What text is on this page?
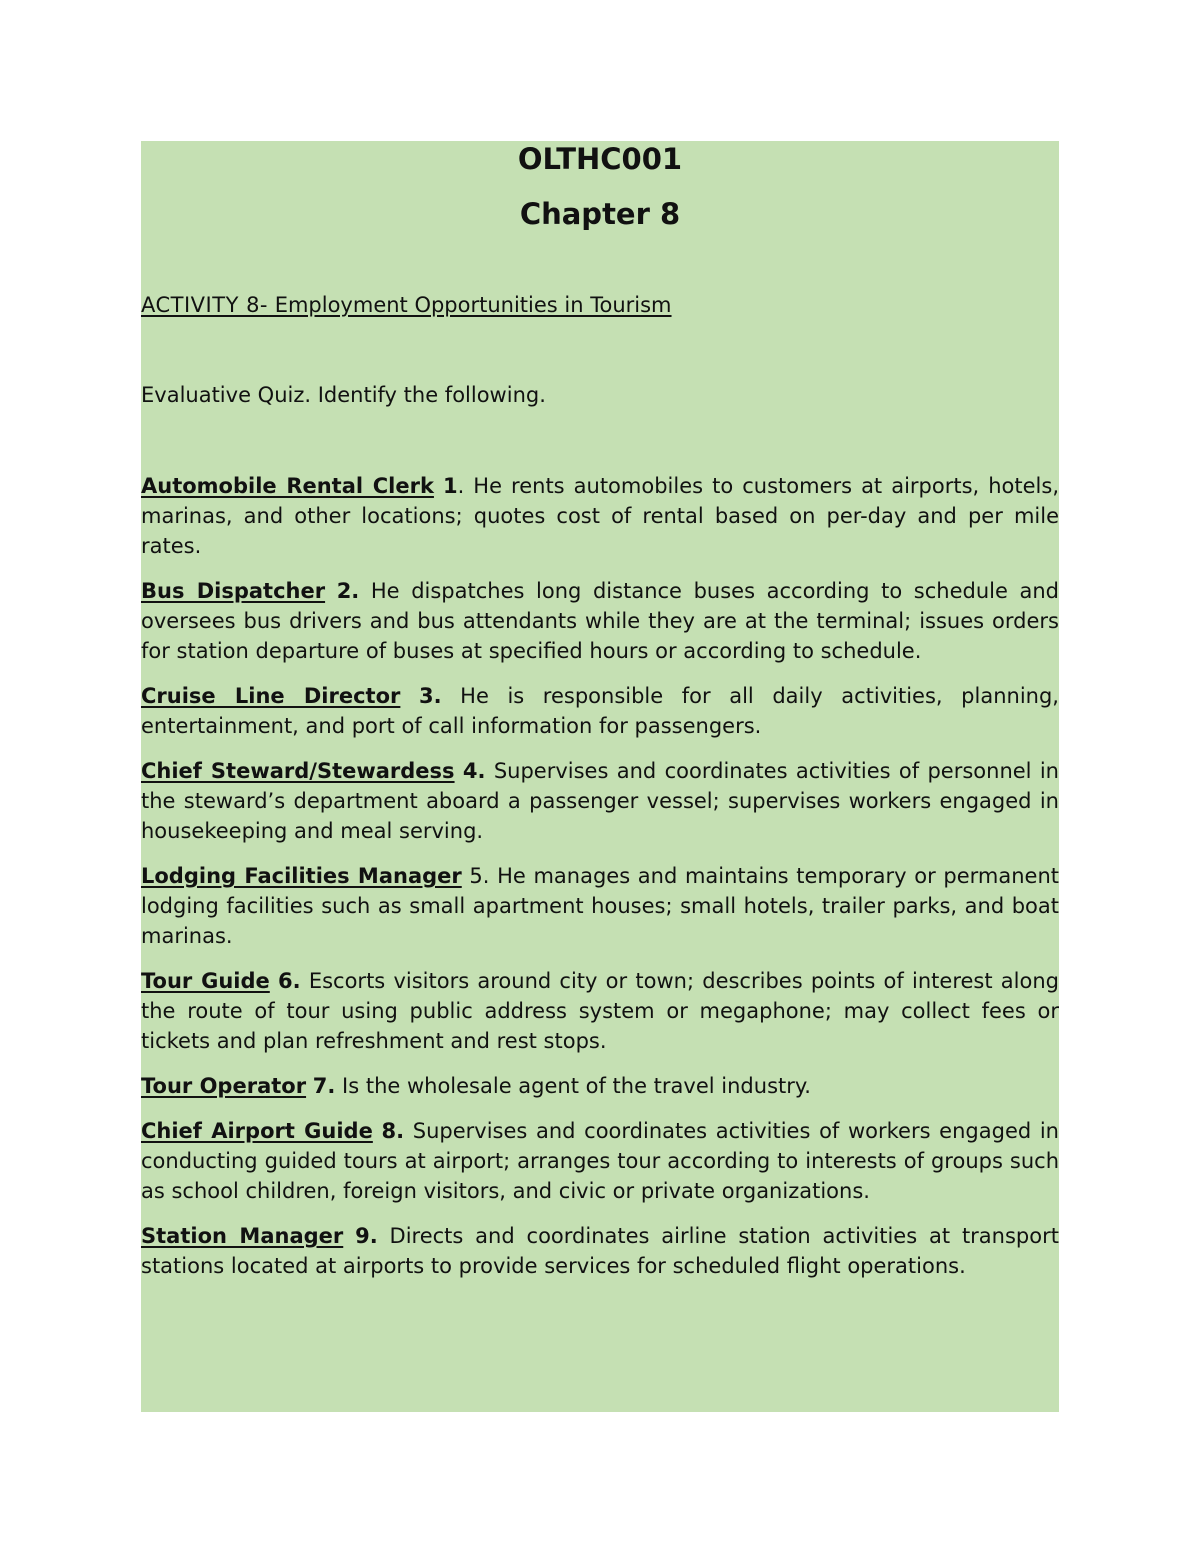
OLTHC001
Chapter 8

ACTIVITY 8- Employment Opportunities in Tourism

Evaluative Quiz. Identify the following.

Automobile Rental Clerk 1. He rents automobiles to customers at airports, hotels, marinas, and other locations; quotes cost of rental based on per-day and per mile rates.

Bus Dispatcher 2. He dispatches long distance buses according to schedule and oversees bus drivers and bus attendants while they are at the terminal; issues orders for station departure of buses at specified hours or according to schedule.

Cruise Line Director 3. He is responsible for all daily activities, planning, entertainment, and port of call information for passengers.

Chief Steward/Stewardess 4. Supervises and coordinates activities of personnel in the steward’s department aboard a passenger vessel; supervises workers engaged in housekeeping and meal serving.

Lodging Facilities Manager 5. He manages and maintains temporary or permanent lodging facilities such as small apartment houses; small hotels, trailer parks, and boat marinas.

Tour Guide 6. Escorts visitors around city or town; describes points of interest along the route of tour using public address system or megaphone; may collect fees or tickets and plan refreshment and rest stops.

Tour Operator 7. Is the wholesale agent of the travel industry.

Chief Airport Guide 8. Supervises and coordinates activities of workers engaged in conducting guided tours at airport; arranges tour according to interests of groups such as school children, foreign visitors, and civic or private organizations.

Station Manager 9. Directs and coordinates airline station activities at transport stations located at airports to provide services for scheduled flight operations.
